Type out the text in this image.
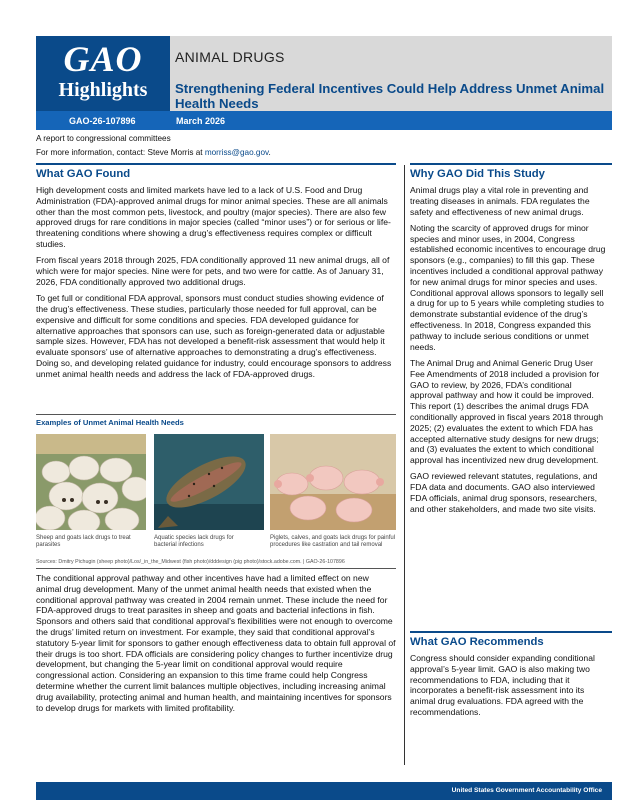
GAO
Highlights
ANIMAL DRUGS
Strengthening Federal Incentives Could Help Address Unmet Animal Health Needs
GAO-26-107896	March 2026
A report to congressional committees
For more information, contact: Steve Morris at morriss@gao.gov.
What GAO Found

High development costs and limited markets have led to a lack of U.S. Food and Drug Administration (FDA)-approved animal drugs for minor animal species. These are all animals other than the most common pets, livestock, and poultry (major species). There are also few approved drugs for rare conditions in major species (called “minor uses”) or for serious or life-threatening conditions where showing a drug’s effectiveness requires complex or difficult studies.

From fiscal years 2018 through 2025, FDA conditionally approved 11 new animal drugs, all of which were for major species. Nine were for pets, and two were for cattle. As of January 31, 2026, FDA conditionally approved two additional drugs.

To get full or conditional FDA approval, sponsors must conduct studies showing evidence of the drug’s effectiveness. These studies, particularly those needed for full approval, can be expensive and difficult for some conditions and species. FDA developed guidance for alternative approaches that sponsors can use, such as foreign-generated data or adjustable sample sizes. However, FDA has not developed a benefit-risk assessment that would help it evaluate sponsors’ use of alternative approaches to demonstrating a drug’s effectiveness. Doing so, and developing related guidance for industry, could encourage sponsors to address unmet animal health needs and address the lack of FDA-approved drugs.

Examples of Unmet Animal Health Needs
Sheep and goats lack drugs to treat parasites
Aquatic species lack drugs for bacterial infections
Piglets, calves, and goats lack drugs for painful procedures like castration and tail removal
Sources: Dmitry Pichugin (sheep photo)/Los/_in_the_Midwest (fish photo)/dddesign (pig photo)/stock.adobe.com. | GAO-26-107896

The conditional approval pathway and other incentives have had a limited effect on new animal drug development. Many of the unmet animal health needs that existed when the conditional approval pathway was created in 2004 remain unmet. These include the need for FDA-approved drugs to treat parasites in sheep and goats and bacterial infections in fish. Sponsors and others said that conditional approval’s flexibilities were not enough to overcome the drugs’ limited return on investment. For example, they said that conditional approval’s statutory 5-year limit for sponsors to gather enough effectiveness data to obtain full approval of their drugs is too short. FDA officials are considering policy changes to further incentivize drug development, but changing the 5-year limit on conditional approval would require congressional action. Considering an expansion to this time frame could help Congress determine whether the current limit balances multiple objectives, including increasing animal drug availability, protecting animal and human health, and maintaining incentives for sponsors to develop drugs for markets with limited profitability.

Why GAO Did This Study

Animal drugs play a vital role in preventing and treating diseases in animals. FDA regulates the safety and effectiveness of new animal drugs.

Noting the scarcity of approved drugs for minor species and minor uses, in 2004, Congress established economic incentives to encourage drug sponsors (e.g., companies) to fill this gap. These incentives included a conditional approval pathway for new animal drugs for minor species and uses. Conditional approval allows sponsors to legally sell a drug for up to 5 years while completing studies to demonstrate substantial evidence of the drug’s effectiveness. In 2018, Congress expanded this pathway to include serious conditions or unmet needs.

The Animal Drug and Animal Generic Drug User Fee Amendments of 2018 included a provision for GAO to review, by 2026, FDA’s conditional approval pathway and how it could be improved. This report (1) describes the animal drugs FDA conditionally approved in fiscal years 2018 through 2025; (2) evaluates the extent to which FDA has accepted alternative study designs for new drugs; and (3) evaluates the extent to which conditional approval has incentivized new drug development.

GAO reviewed relevant statutes, regulations, and FDA data and documents. GAO also interviewed FDA officials, animal drug sponsors, researchers, and other stakeholders, and made two site visits.

What GAO Recommends

Congress should consider expanding conditional approval’s 5-year limit. GAO is also making two recommendations to FDA, including that it incorporates a benefit-risk assessment into its animal drug evaluations. FDA agreed with the recommendations.

United States Government Accountability Office
